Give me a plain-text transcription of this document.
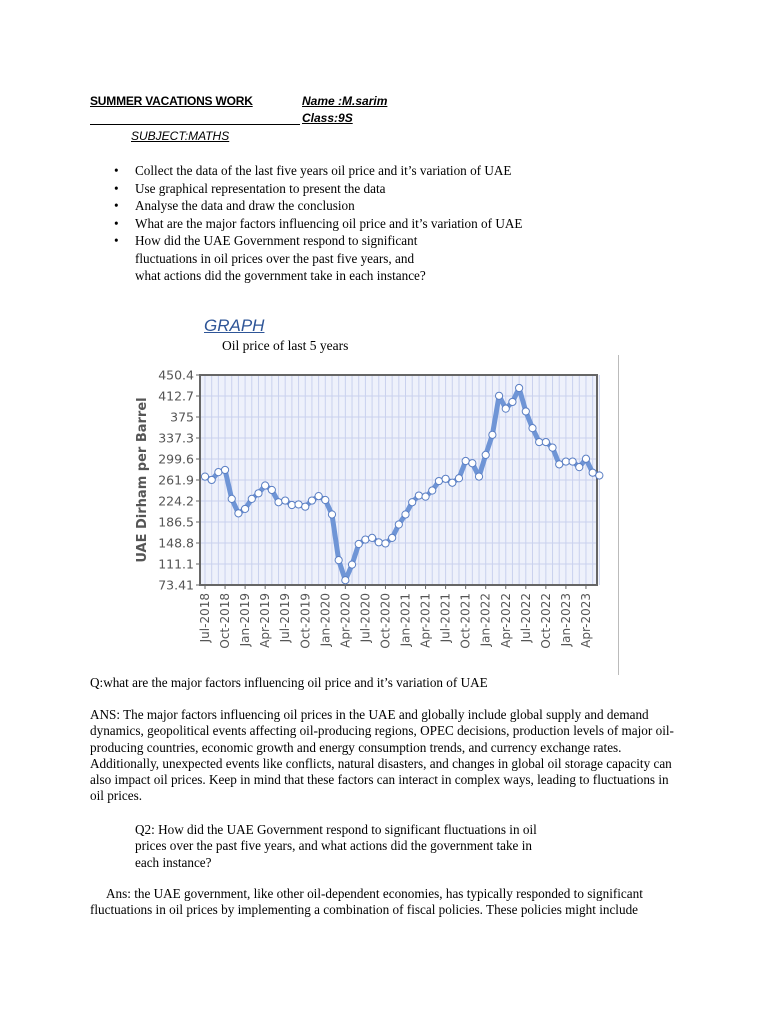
SUMMER VACATIONS WORK	Name :M.sarim
Class:9S
SUBJECT:MATHS
• Collect the data of the last five years oil price and it’s variation of UAE
• Use graphical representation to present the data
• Analyse the data and draw the conclusion
• What are the major factors influencing oil price and it’s variation of UAE
• How did the UAE Government respond to significant fluctuations in oil prices over the past five years, and what actions did the government take in each instance?
GRAPH
Oil price of last 5 years
450.4
412.7
375
337.3
299.6
261.9
224.2
186.5
148.8
111.1
73.41
Jul-2018 Oct-2018 Jan-2019 Apr-2019 Jul-2019 Oct-2019 Jan-2020 Apr-2020 Jul-2020 Oct-2020 Jan-2021 Apr-2021 Jul-2021 Oct-2021 Jan-2022 Apr-2022 Jul-2022 Oct-2022 Jan-2023 Apr-2023
UAE Dirham per Barrel
Q:what are the major factors influencing oil price and it’s variation of UAE
ANS: The major factors influencing oil prices in the UAE and globally include global supply and demand dynamics, geopolitical events affecting oil-producing regions, OPEC decisions, production levels of major oil-producing countries, economic growth and energy consumption trends, and currency exchange rates. Additionally, unexpected events like conflicts, natural disasters, and changes in global oil storage capacity can also impact oil prices. Keep in mind that these factors can interact in complex ways, leading to fluctuations in oil prices.
Q2: How did the UAE Government respond to significant fluctuations in oil prices over the past five years, and what actions did the government take in each instance?
Ans: the UAE government, like other oil-dependent economies, has typically responded to significant fluctuations in oil prices by implementing a combination of fiscal policies. These policies might include
